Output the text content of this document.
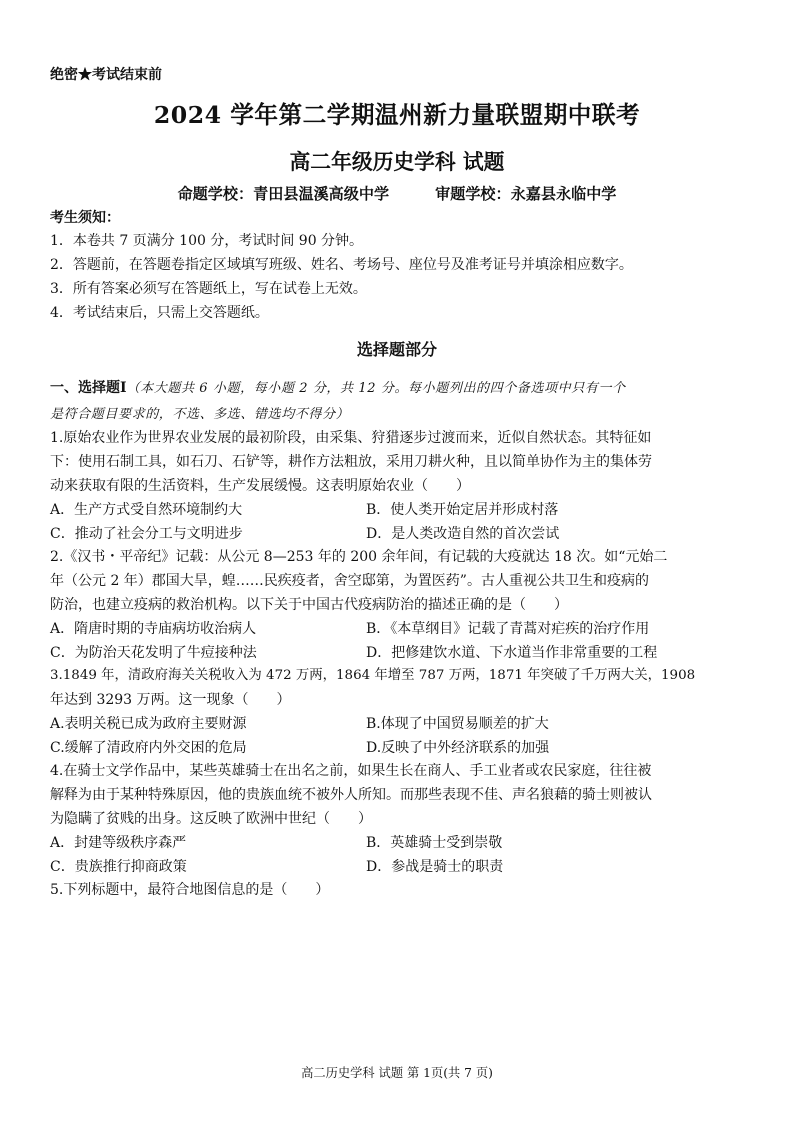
绝密★考试结束前
2024 学年第二学期温州新力量联盟期中联考
高二年级历史学科 试题
命题学校：青田县温溪高级中学	审题学校：永嘉县永临中学
考生须知：
1．本卷共 7 页满分 100 分，考试时间 90 分钟。
2．答题前，在答题卷指定区域填写班级、姓名、考场号、座位号及准考证号并填涂相应数字。
3．所有答案必须写在答题纸上，写在试卷上无效。
4．考试结束后，只需上交答题纸。
选择题部分
一、选择题Ⅰ（本大题共 6 小题，每小题 2 分，共 12 分。每小题列出的四个备选项中只有一个
是符合题目要求的，不选、多选、错选均不得分）
1.原始农业作为世界农业发展的最初阶段，由采集、狩猎逐步过渡而来，近似自然状态。其特征如
下：使用石制工具，如石刀、石铲等，耕作方法粗放，采用刀耕火种，且以简单协作为主的集体劳
动来获取有限的生活资料，生产发展缓慢。这表明原始农业（　　）
A．生产方式受自然环境制约大	B．使人类开始定居并形成村落
C．推动了社会分工与文明进步	D．是人类改造自然的首次尝试
2.《汉书・平帝纪》记载：从公元 8—253 年的 200 余年间，有记载的大疫就达 18 次。如“元始二
年（公元 2 年）郡国大旱，蝗……民疾疫者，舍空邸第，为置医药”。古人重视公共卫生和疫病的
防治，也建立疫病的救治机构。以下关于中国古代疫病防治的描述正确的是（　　）
A．隋唐时期的寺庙病坊收治病人	B．《本草纲目》记载了青蒿对疟疾的治疗作用
C．为防治天花发明了牛痘接种法	D．把修建饮水道、下水道当作非常重要的工程
3.1849 年，清政府海关关税收入为 472 万两，1864 年增至 787 万两，1871 年突破了千万两大关，1908
年达到 3293 万两。这一现象（　　）
A.表明关税已成为政府主要财源	B.体现了中国贸易顺差的扩大
C.缓解了清政府内外交困的危局	D.反映了中外经济联系的加强
4.在骑士文学作品中，某些英雄骑士在出名之前，如果生长在商人、手工业者或农民家庭，往往被
解释为由于某种特殊原因，他的贵族血统不被外人所知。而那些表现不佳、声名狼藉的骑士则被认
为隐瞒了贫贱的出身。这反映了欧洲中世纪（　　）
A．封建等级秩序森严	B．英雄骑士受到崇敬
C．贵族推行抑商政策	D．参战是骑士的职责
5.下列标题中，最符合地图信息的是（　　）
高二历史学科 试题 第 1页(共 7 页)
